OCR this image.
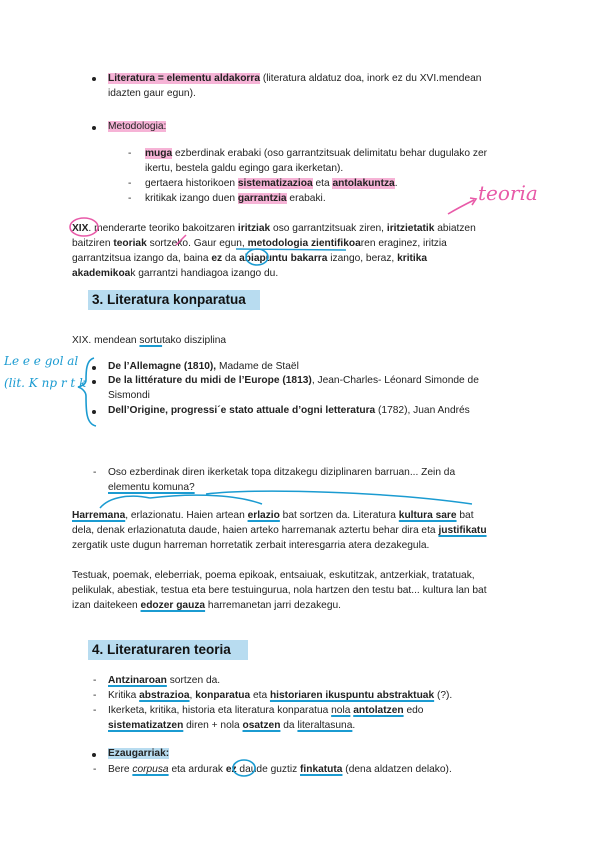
Literatura = elementu aldakorra (literatura aldatuz doa, inork ez du XVI.mendean
idazten gaur egun).
Metodologia:
- muga ezberdinak erabaki (oso garrantzitsuak delimitatu behar dugulako zer
ikertu, bestela galdu egingo gara ikerketan).
- gertaera historikoen sistematizazioa eta antolakuntza.
- kritikak izango duen garrantzia erabaki.	teoria
XIX. menderarte teoriko bakoitzaren iritziak oso garrantzitsuak ziren, iritzietatik abiatzen
baitziren teoriak sortzeko. Gaur egun, metodologia zientifikoaren eraginez, iritzia
garrantzitsua izango da, baina ez da abiapuntu bakarra izango, beraz, kritika
akademikoak garrantzi handiagoa izango du.
3. Literatura konparatua
XIX. mendean sortutako disziplina
Le e e gol al
(lit. K np r t k
De l’Allemagne (1810), Madame de Staël
De la littérature du midi de l’Europe (1813), Jean-Charles- Léonard Simonde de
Sismondi
Dell’Origine, progressi´e stato attuale d’ogni letteratura (1782), Juan Andrés
- Oso ezberdinak diren ikerketak topa ditzakegu diziplinaren barruan... Zein da
elementu komuna?
Harremana, erlazionatu. Haien artean erlazio bat sortzen da. Literatura kultura sare bat
dela, denak erlazionatuta daude, haien arteko harremanak aztertu behar dira eta justifikatu
zergatik uste dugun harreman horretatik zerbait interesgarria atera dezakegula.
Testuak, poemak, eleberriak, poema epikoak, entsaiuak, eskutitzak, antzerkiak, tratatuak,
pelikulak, abestiak, testua eta bere testuingurua, nola hartzen den testu bat... kultura lan bat
izan daitekeen edozer gauza harremanetan jarri dezakegu.
4. Literaturaren teoria
- Antzinaroan sortzen da.
- Kritika abstrazioa, konparatua eta historiaren ikuspuntu abstraktuak (?).
- Ikerketa, kritika, historia eta literatura konparatua nola antolatzen edo
sistematizatzen diren + nola osatzen da literaltasuna.
Ezaugarriak:
- Bere corpusa eta ardurak ez daude guztiz finkatuta (dena aldatzen delako).
